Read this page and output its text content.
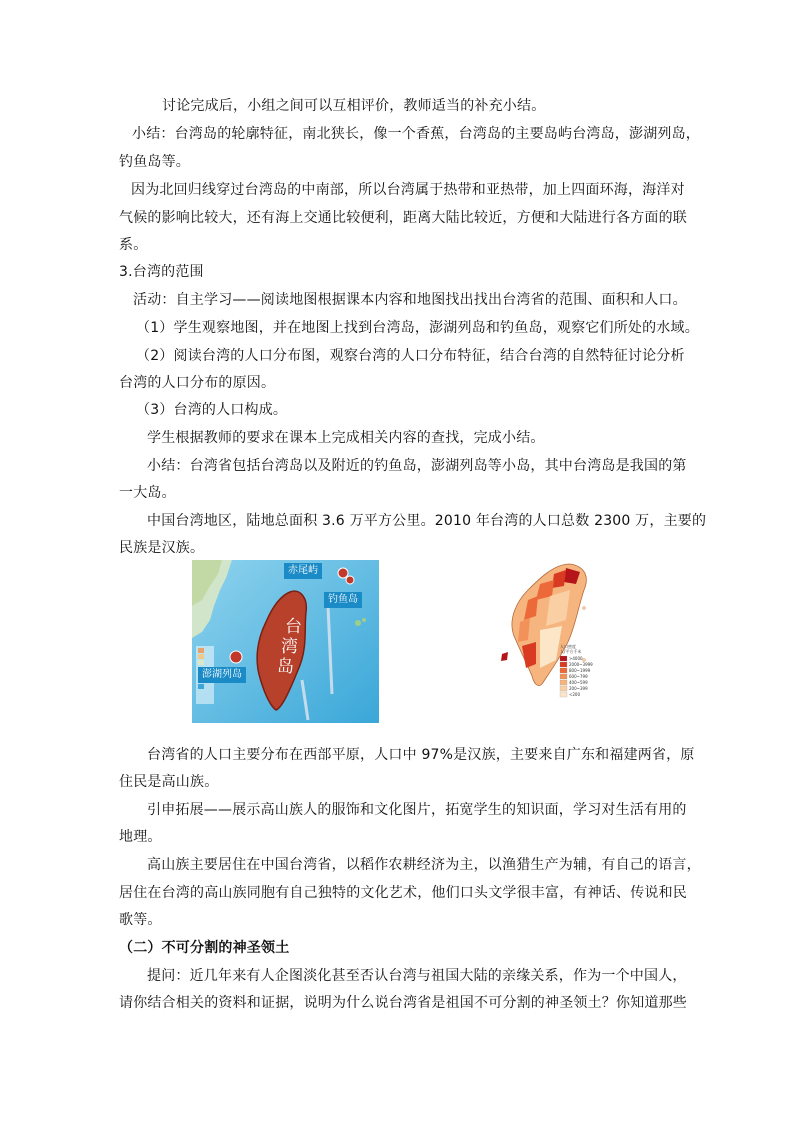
讨论完成后，小组之间可以互相评价，教师适当的补充小结。
小结：台湾岛的轮廓特征，南北狭长，像一个香蕉，台湾岛的主要岛屿台湾岛，澎湖列岛，
钓鱼岛等。
因为北回归线穿过台湾岛的中南部，所以台湾属于热带和亚热带，加上四面环海，海洋对
气候的影响比较大，还有海上交通比较便利，距离大陆比较近，方便和大陆进行各方面的联
系。
3.台湾的范围
活动：自主学习——阅读地图根据课本内容和地图找出找出台湾省的范围、面积和人口。
（1）学生观察地图，并在地图上找到台湾岛，澎湖列岛和钓鱼岛，观察它们所处的水域。
（2）阅读台湾的人口分布图，观察台湾的人口分布特征，结合台湾的自然特征讨论分析
台湾的人口分布的原因。
（3）台湾的人口构成。
学生根据教师的要求在课本上完成相关内容的查找，完成小结。
小结：台湾省包括台湾岛以及附近的钓鱼岛，澎湖列岛等小岛，其中台湾岛是我国的第
一大岛。
中国台湾地区，陆地总面积 3.6 万平方公里。2010 年台湾的人口总数 2300 万，主要的
民族是汉族。
台
湾
岛
赤尾屿
钓鱼岛
澎湖列岛
人口密度
人/平方千米
>4000
2000~3999
800~1999
600~799
400~599
200~399
<200
台湾省的人口主要分布在西部平原，人口中 97%是汉族，主要来自广东和福建两省，原
住民是高山族。
引申拓展——展示高山族人的服饰和文化图片，拓宽学生的知识面，学习对生活有用的
地理。
高山族主要居住在中国台湾省，以稻作农耕经济为主，以渔猎生产为辅，有自己的语言，
居住在台湾的高山族同胞有自己独特的文化艺术，他们口头文学很丰富，有神话、传说和民
歌等。
（二）不可分割的神圣领土
提问：近几年来有人企图淡化甚至否认台湾与祖国大陆的亲缘关系，作为一个中国人，
请你结合相关的资料和证据，说明为什么说台湾省是祖国不可分割的神圣领土？你知道那些
